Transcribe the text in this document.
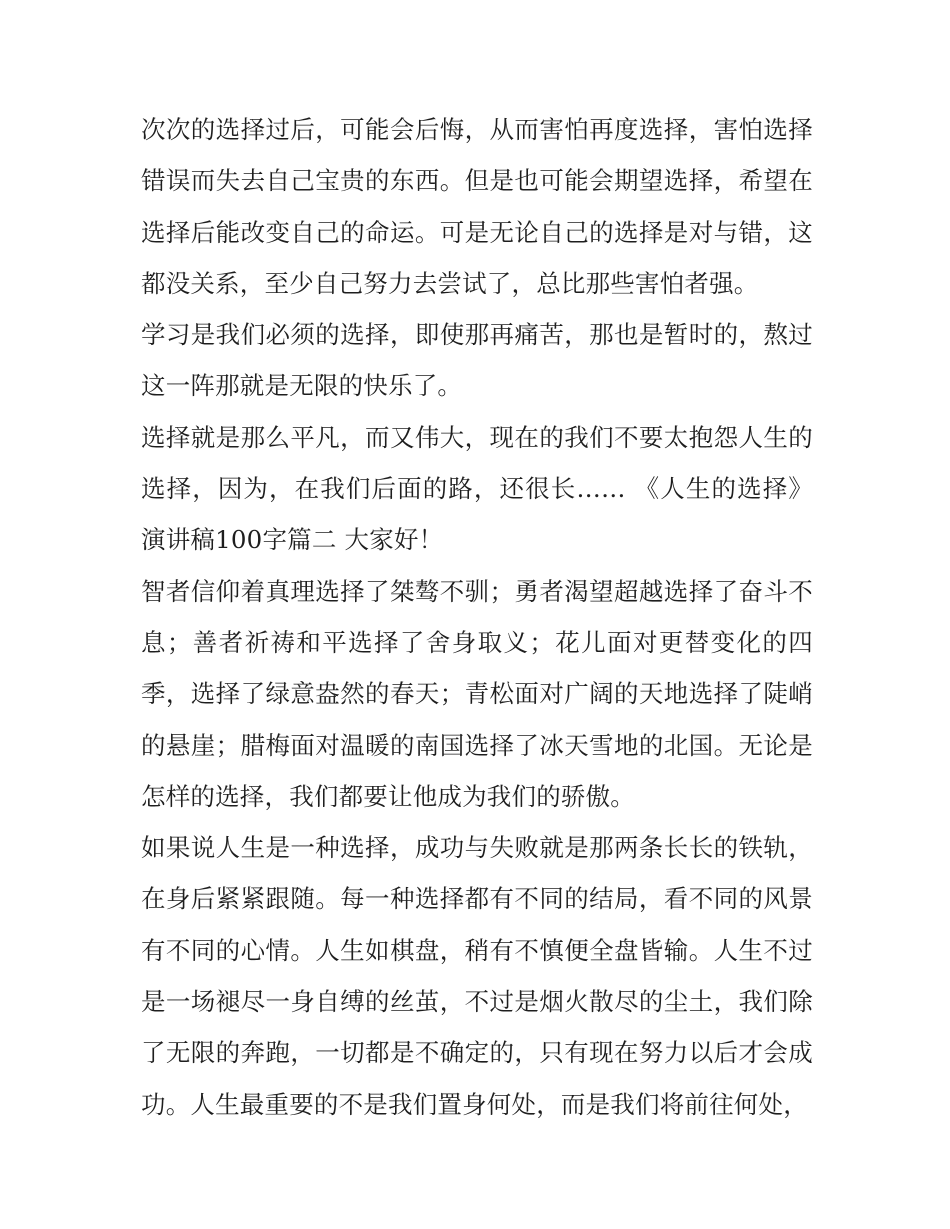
次次的选择过后，可能会后悔，从而害怕再度选择，害怕选择错误而失去自己宝贵的东西。但是也可能会期望选择，希望在选择后能改变自己的命运。可是无论自己的选择是对与错，这都没关系，至少自己努力去尝试了，总比那些害怕者强。

学习是我们必须的选择，即使那再痛苦，那也是暂时的，熬过这一阵那就是无限的快乐了。

选择就是那么平凡，而又伟大，现在的我们不要太抱怨人生的选择，因为，在我们后面的路，还很长…… 《人生的选择》演讲稿100字篇二 大家好！

智者信仰着真理选择了桀骜不驯；勇者渴望超越选择了奋斗不息；善者祈祷和平选择了舍身取义；花儿面对更替变化的四季，选择了绿意盎然的春天；青松面对广阔的天地选择了陡峭的悬崖；腊梅面对温暖的南国选择了冰天雪地的北国。无论是怎样的选择，我们都要让他成为我们的骄傲。

如果说人生是一种选择，成功与失败就是那两条长长的铁轨，在身后紧紧跟随。每一种选择都有不同的结局，看不同的风景有不同的心情。人生如棋盘，稍有不慎便全盘皆输。人生不过是一场褪尽一身自缚的丝茧，不过是烟火散尽的尘土，我们除了无限的奔跑，一切都是不确定的，只有现在努力以后才会成功。人生最重要的不是我们置身何处，而是我们将前往何处，
